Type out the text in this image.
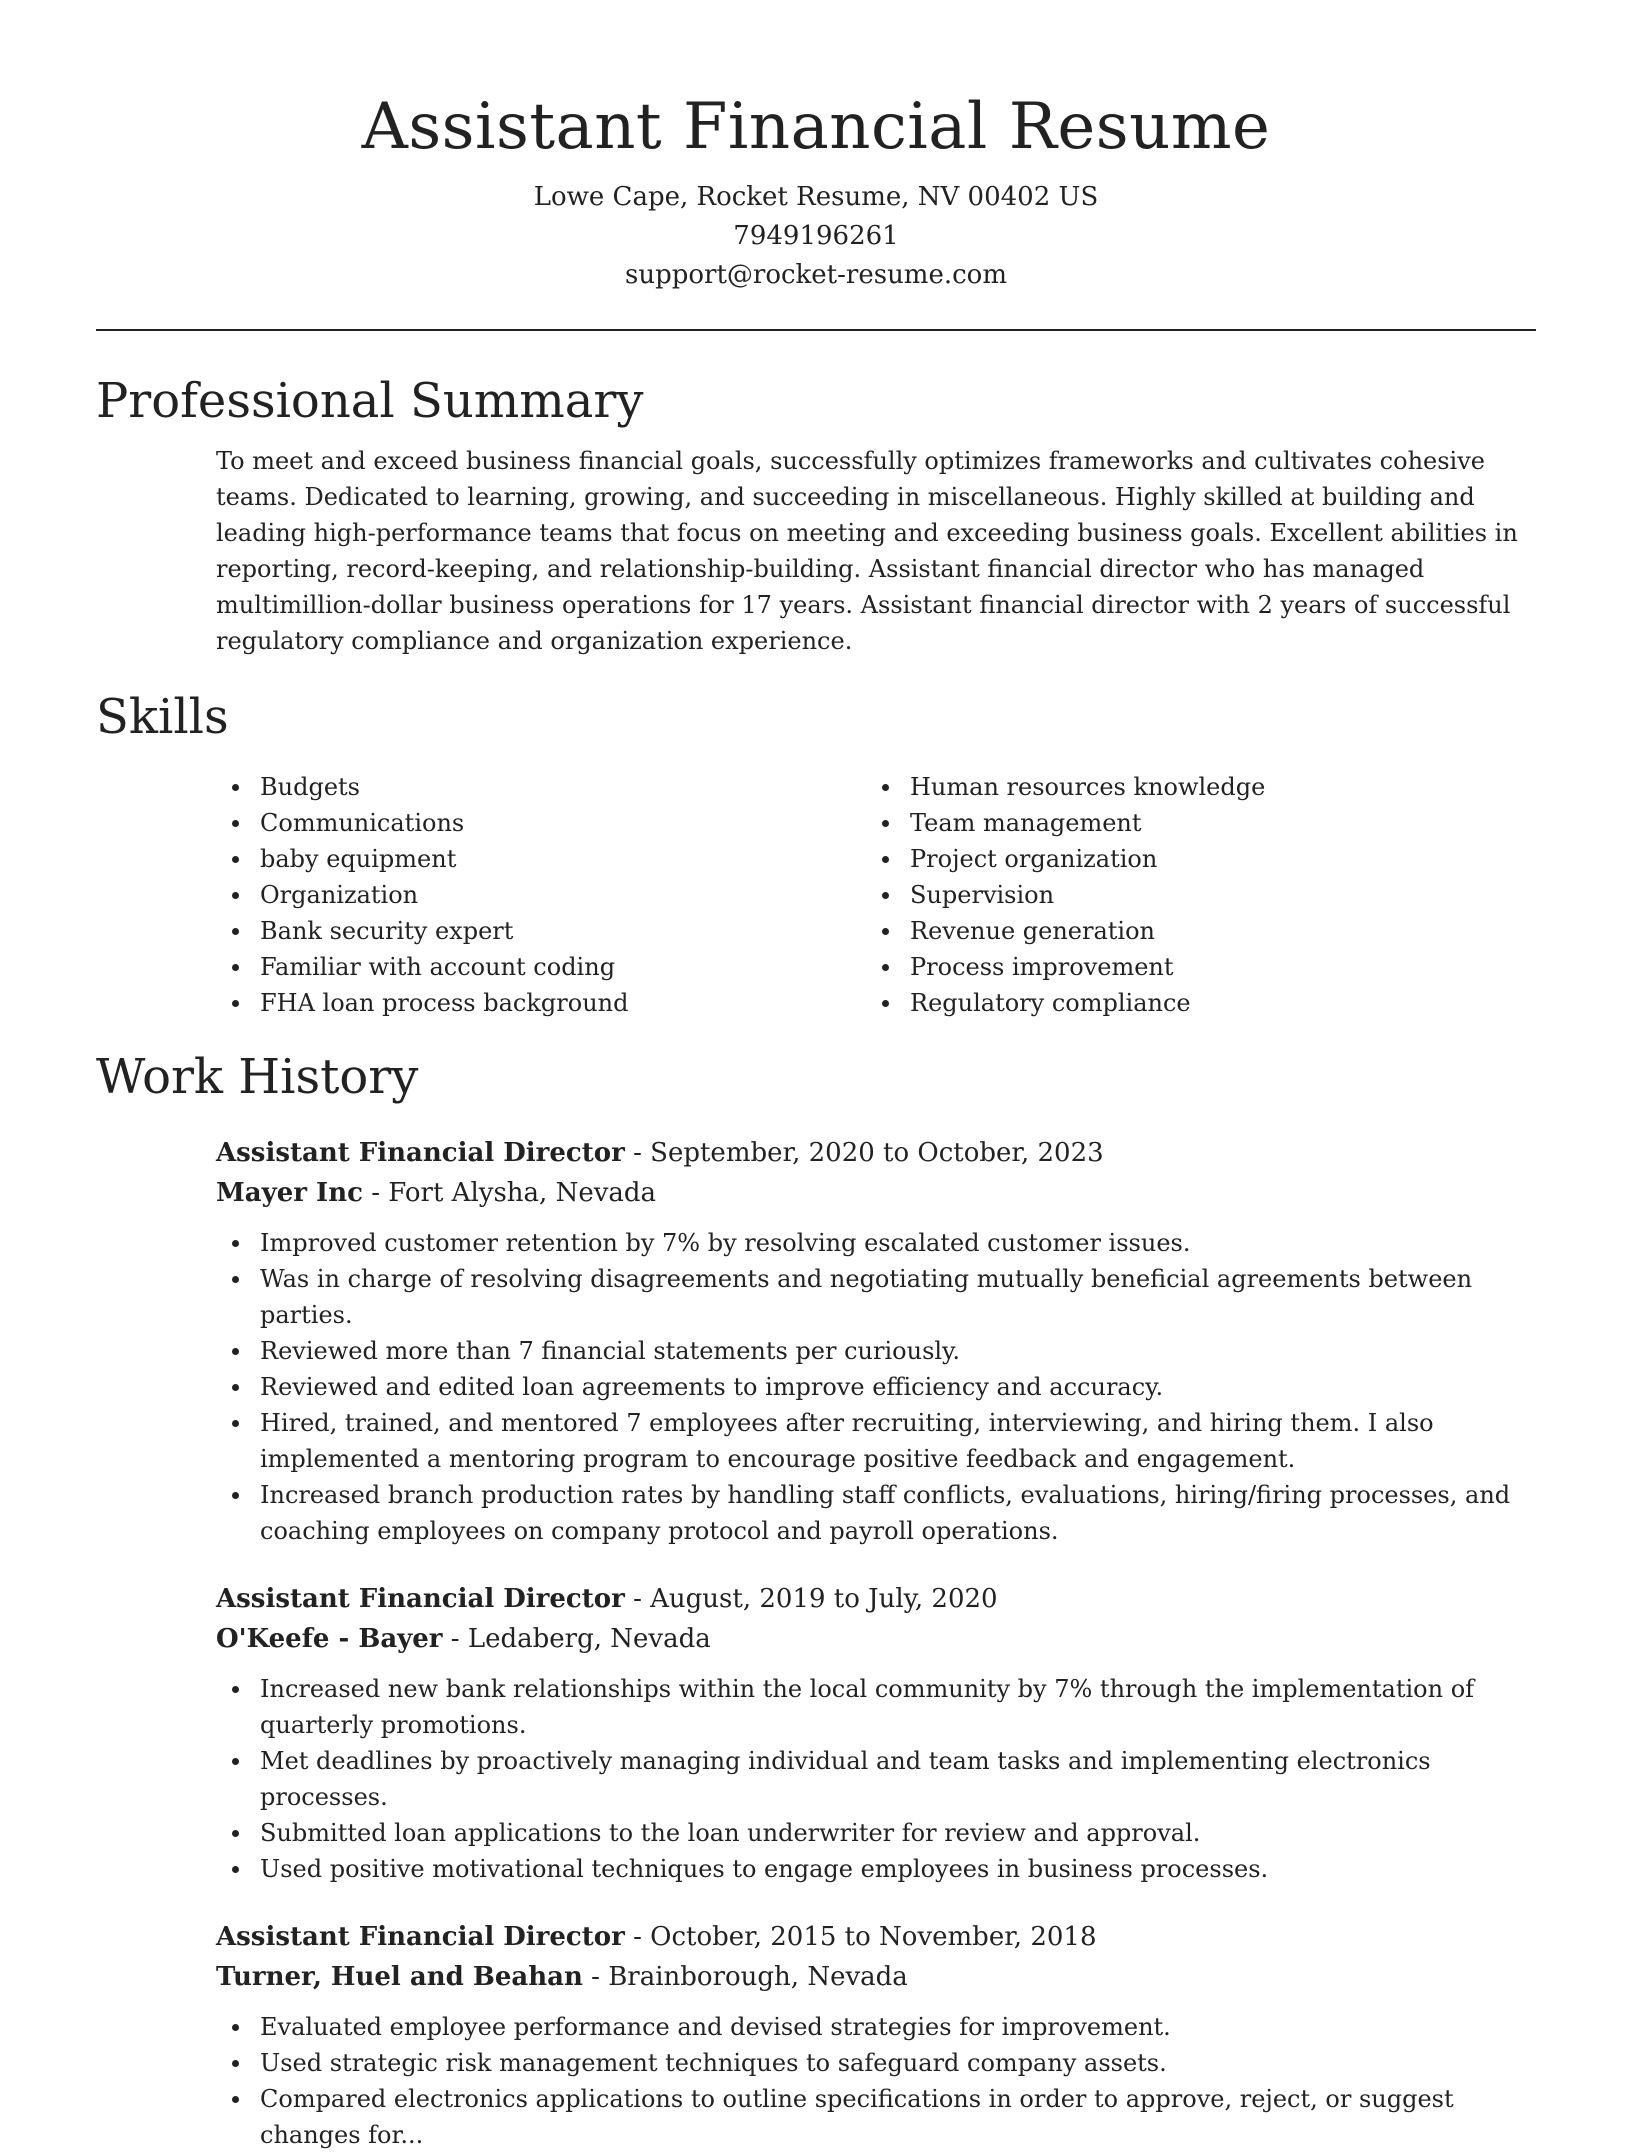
Assistant Financial Resume
Lowe Cape, Rocket Resume, NV 00402 US
7949196261
support@rocket-resume.com
Professional Summary

To meet and exceed business financial goals, successfully optimizes frameworks and cultivates cohesive teams. Dedicated to learning, growing, and succeeding in miscellaneous. Highly skilled at building and leading high-performance teams that focus on meeting and exceeding business goals. Excellent abilities in reporting, record-keeping, and relationship-building. Assistant financial director who has managed multimillion-dollar business operations for 17 years. Assistant financial director with 2 years of successful regulatory compliance and organization experience.

Skills
Budgets
Communications
baby equipment
Organization
Bank security expert
Familiar with account coding
FHA loan process background
Human resources knowledge
Team management
Project organization
Supervision
Revenue generation
Process improvement
Regulatory compliance
Work History
Assistant Financial Director - September, 2020 to October, 2023
Mayer Inc - Fort Alysha, Nevada
Improved customer retention by 7% by resolving escalated customer issues.
Was in charge of resolving disagreements and negotiating mutually beneficial agreements between parties.
Reviewed more than 7 financial statements per curiously.
Reviewed and edited loan agreements to improve efficiency and accuracy.
Hired, trained, and mentored 7 employees after recruiting, interviewing, and hiring them. I also implemented a mentoring program to encourage positive feedback and engagement.
Increased branch production rates by handling staff conflicts, evaluations, hiring/firing processes, and coaching employees on company protocol and payroll operations.
Assistant Financial Director - August, 2019 to July, 2020
O'Keefe - Bayer - Ledaberg, Nevada
Increased new bank relationships within the local community by 7% through the implementation of quarterly promotions.
Met deadlines by proactively managing individual and team tasks and implementing electronics processes.
Submitted loan applications to the loan underwriter for review and approval.
Used positive motivational techniques to engage employees in business processes.
Assistant Financial Director - October, 2015 to November, 2018
Turner, Huel and Beahan - Brainborough, Nevada
Evaluated employee performance and devised strategies for improvement.
Used strategic risk management techniques to safeguard company assets.
Compared electronics applications to outline specifications in order to approve, reject, or suggest changes for...
